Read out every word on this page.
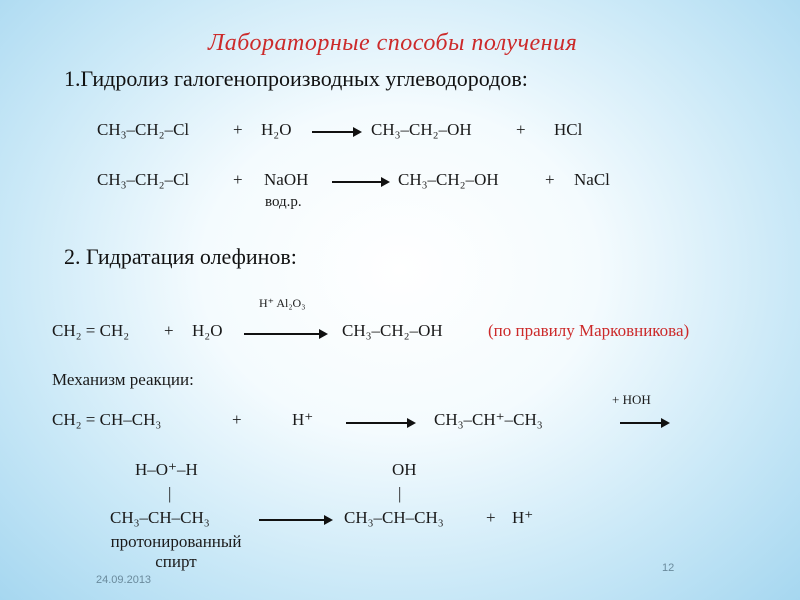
Лабораторные способы получения
1.Гидролиз галогенопроизводных углеводородов:
CH₃–CH₂–Cl	+ H₂O	CH₃–CH₂–OH	+ HCl
CH₃–CH₂–Cl	+ NaOH
вод.р.
CH₃–CH₂–OH	+ NaCl
2. Гидратация олефинов:
H⁺ Al₂O₃
CH₂ = CH₂ + H₂O	CH₃–CH₂–OH	(по правилу Марковникова)
Механизм реакции:
CH₂ = CH–CH₃	+	H⁺	CH₃–CH⁺–CH₃
+ HOH
H–O⁺–H
|
CH₃–CH–CH₃
протонированный спирт
OH
|
CH₃–CH–CH₃ + H⁺
24.09.2013
12
